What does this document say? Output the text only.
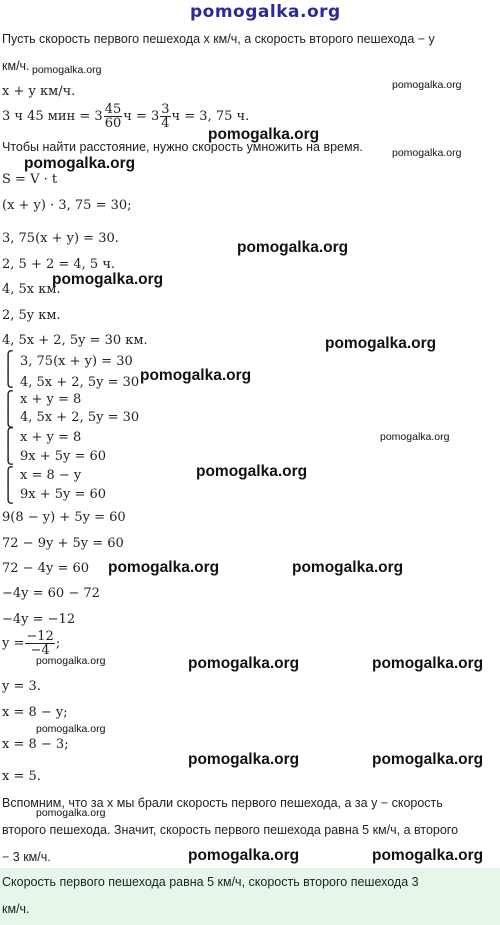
pomogalka.org
Пусть скорость первого пешехода x км/ч, а скорость второго пешехода − y
км/ч.
x + y км/ч.
3 ч 45 мин = $3 \frac{45}{60}$ $ч = 3 \frac{3}{4}$ ч = 3, 75 ч.
Чтобы найти расстояние, нужно скорость умножить на время.
S = V · t
(x + y) · 3, 75 = 30;
3, 75(x + y) = 30.
2, 5 + 2 = 4, 5 ч.
4, 5x км.
2, 5y км.
4, 5x + 2, 5y = 30 км.
⎧
⎩
3, 75(x + y) = 30
4, 5x + 2, 5y = 30
⎧
⎩
x + y = 8
4, 5x + 2, 5y = 30
⎧
⎩
x + y = 8
9x + 5y = 60
⎧
⎩
x = 8 − y
9x + 5y = 60
9(8 − y) + 5y = 60
72 − 9y + 5y = 60
72 − 4y = 60
−4y = 60 − 72
−4y = −12
$y = \frac{-12}{-4}$ ;
y = 3.
x = 8 − y;
x = 8 − 3;
x = 5.
Вспомним, что за x мы брали скорость первого пешехода, а за y − скорость
второго пешехода. Значит, скорость первого пешехода равна 5 км/ч, а второго
− 3 км/ч.
Скорость первого пешехода равна 5 км/ч, скорость второго пешехода 3
км/ч.
pomogalka.org
pomogalka.org
pomogalka.org
pomogalka.org
pomogalka.org
pomogalka.org
pomogalka.org
pomogalka.org
pomogalka.org
pomogalka.org
pomogalka.org
pomogalka.org	pomogalka.org
pomogalka.org	pomogalka.org	pomogalka.org
pomogalka.org
pomogalka.org	pomogalka.org
pomogalka.org
pomogalka.org	pomogalka.org
